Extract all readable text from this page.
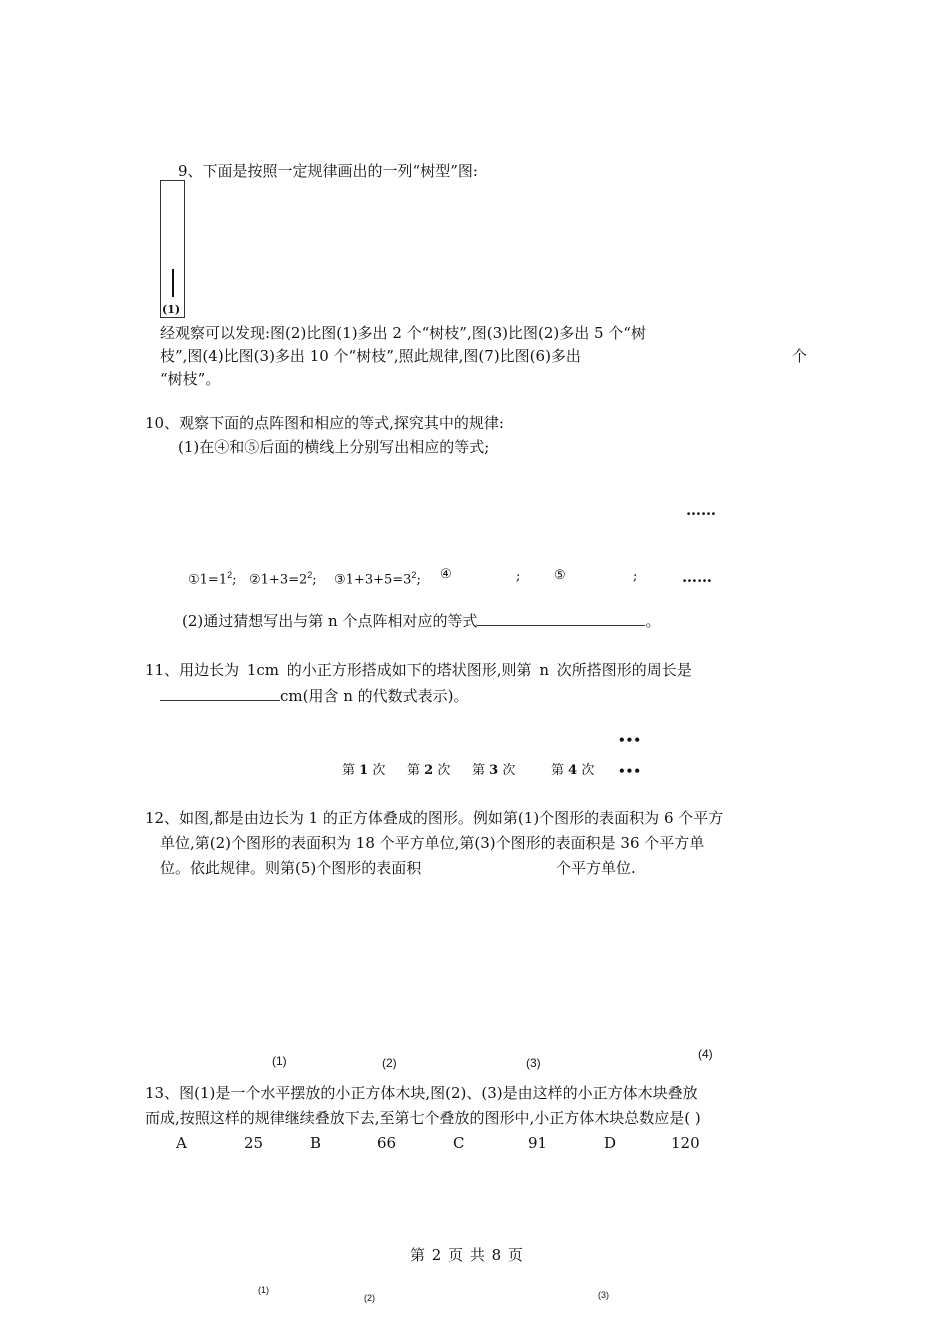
9、下面是按照一定规律画出的一列“树型”图:
(1)
经观察可以发现:图(2)比图(1)多出 2 个“树枝”,图(3)比图(2)多出 5 个“树
枝”,图(4)比图(3)多出 10 个“树枝”,照此规律,图(7)比图(6)多出	个
“树枝”。
10、观察下面的点阵图和相应的等式,探究其中的规律:
(1)在④和⑤后面的横线上分别写出相应的等式;
……
$①1=1^2$; $②1+3=2^2$; $③1+3+5=3^2$; ④	;	⑤	;	……
(2)通过猜想写出与第 n 个点阵相对应的等式	。
11、用边长为 1cm 的小正方形搭成如下的塔状图形,则第 n 次所搭图形的周长是
cm(用含 n 的代数式表示)。
•••
第 1 次 第 2 次 第 3 次	第 4 次 •••
12、如图,都是由边长为 1 的正方体叠成的图形。例如第(1)个图形的表面积为 6 个平方
单位,第(2)个图形的表面积为 18 个平方单位,第(3)个图形的表面积是 36 个平方单
位。依此规律。则第(5)个图形的表面积	个平方单位.
(1)	(2)	(3)
(4)
13、图(1)是一个水平摆放的小正方体木块,图(2)、(3)是由这样的小正方体木块叠放
而成,按照这样的规律继续叠放下去,至第七个叠放的图形中,小正方体木块总数应是( )
A	25	B	66	C	91	D	120
第 2 页 共 8 页
(1)
(2)	(3)
